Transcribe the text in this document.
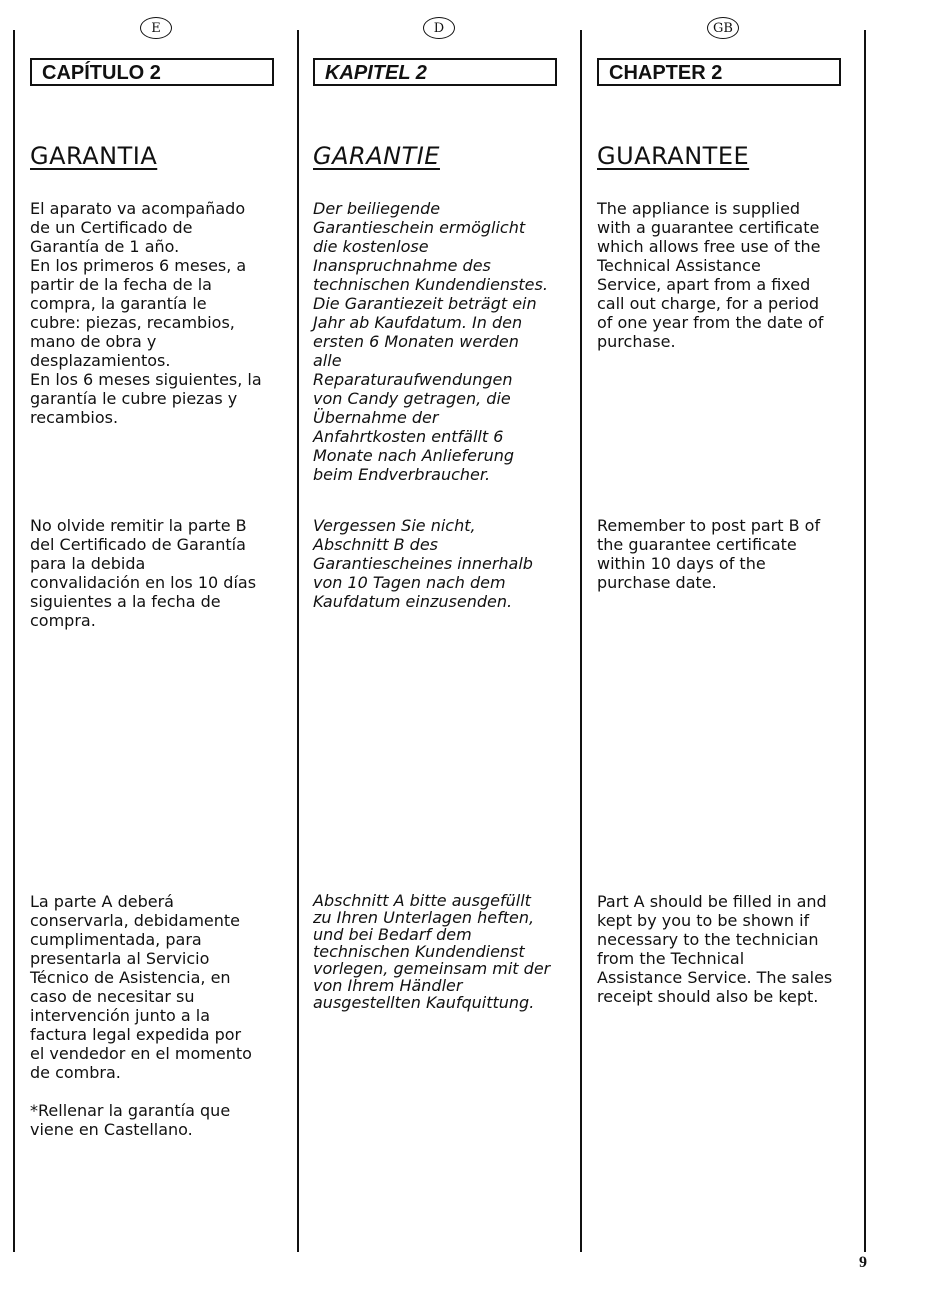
E
CAPÍTULO 2
GARANTIA

El aparato va acompañado
de un Certificado de
Garantía de 1 año.
En los primeros 6 meses, a
partir de la fecha de la
compra, la garantía le
cubre: piezas, recambios,
mano de obra y
desplazamientos.
En los 6 meses siguientes, la
garantía le cubre piezas y
recambios.

No olvide remitir la parte B
del Certificado de Garantía
para la debida
convalidación en los 10 días
siguientes a la fecha de
compra.

La parte A deberá
conservarla, debidamente
cumplimentada, para
presentarla al Servicio
Técnico de Asistencia, en
caso de necesitar su
intervención junto a la
factura legal expedida por
el vendedor en el momento
de combra.

*Rellenar la garantía que
viene en Castellano.

D
KAPITEL 2
GARANTIE

Der beiliegende
Garantieschein ermöglicht
die kostenlose
Inanspruchnahme des
technischen Kundendienstes.
Die Garantiezeit beträgt ein
Jahr ab Kaufdatum. In den
ersten 6 Monaten werden
alle
Reparaturaufwendungen
von Candy getragen, die
Übernahme der
Anfahrtkosten entfällt 6
Monate nach Anlieferung
beim Endverbraucher.

Vergessen Sie nicht,
Abschnitt B des
Garantiescheines innerhalb
von 10 Tagen nach dem
Kaufdatum einzusenden.

Abschnitt A bitte ausgefüllt
zu Ihren Unterlagen heften,
und bei Bedarf dem
technischen Kundendienst
vorlegen, gemeinsam mit der
von Ihrem Händler
ausgestellten Kaufquittung.

GB
CHAPTER 2
GUARANTEE

The appliance is supplied
with a guarantee certificate
which allows free use of the
Technical Assistance
Service, apart from a fixed
call out charge, for a period
of one year from the date of
purchase.

Remember to post part B of
the guarantee certificate
within 10 days of the
purchase date.

Part A should be filled in and
kept by you to be shown if
necessary to the technician
from the Technical
Assistance Service. The sales
receipt should also be kept.

9
